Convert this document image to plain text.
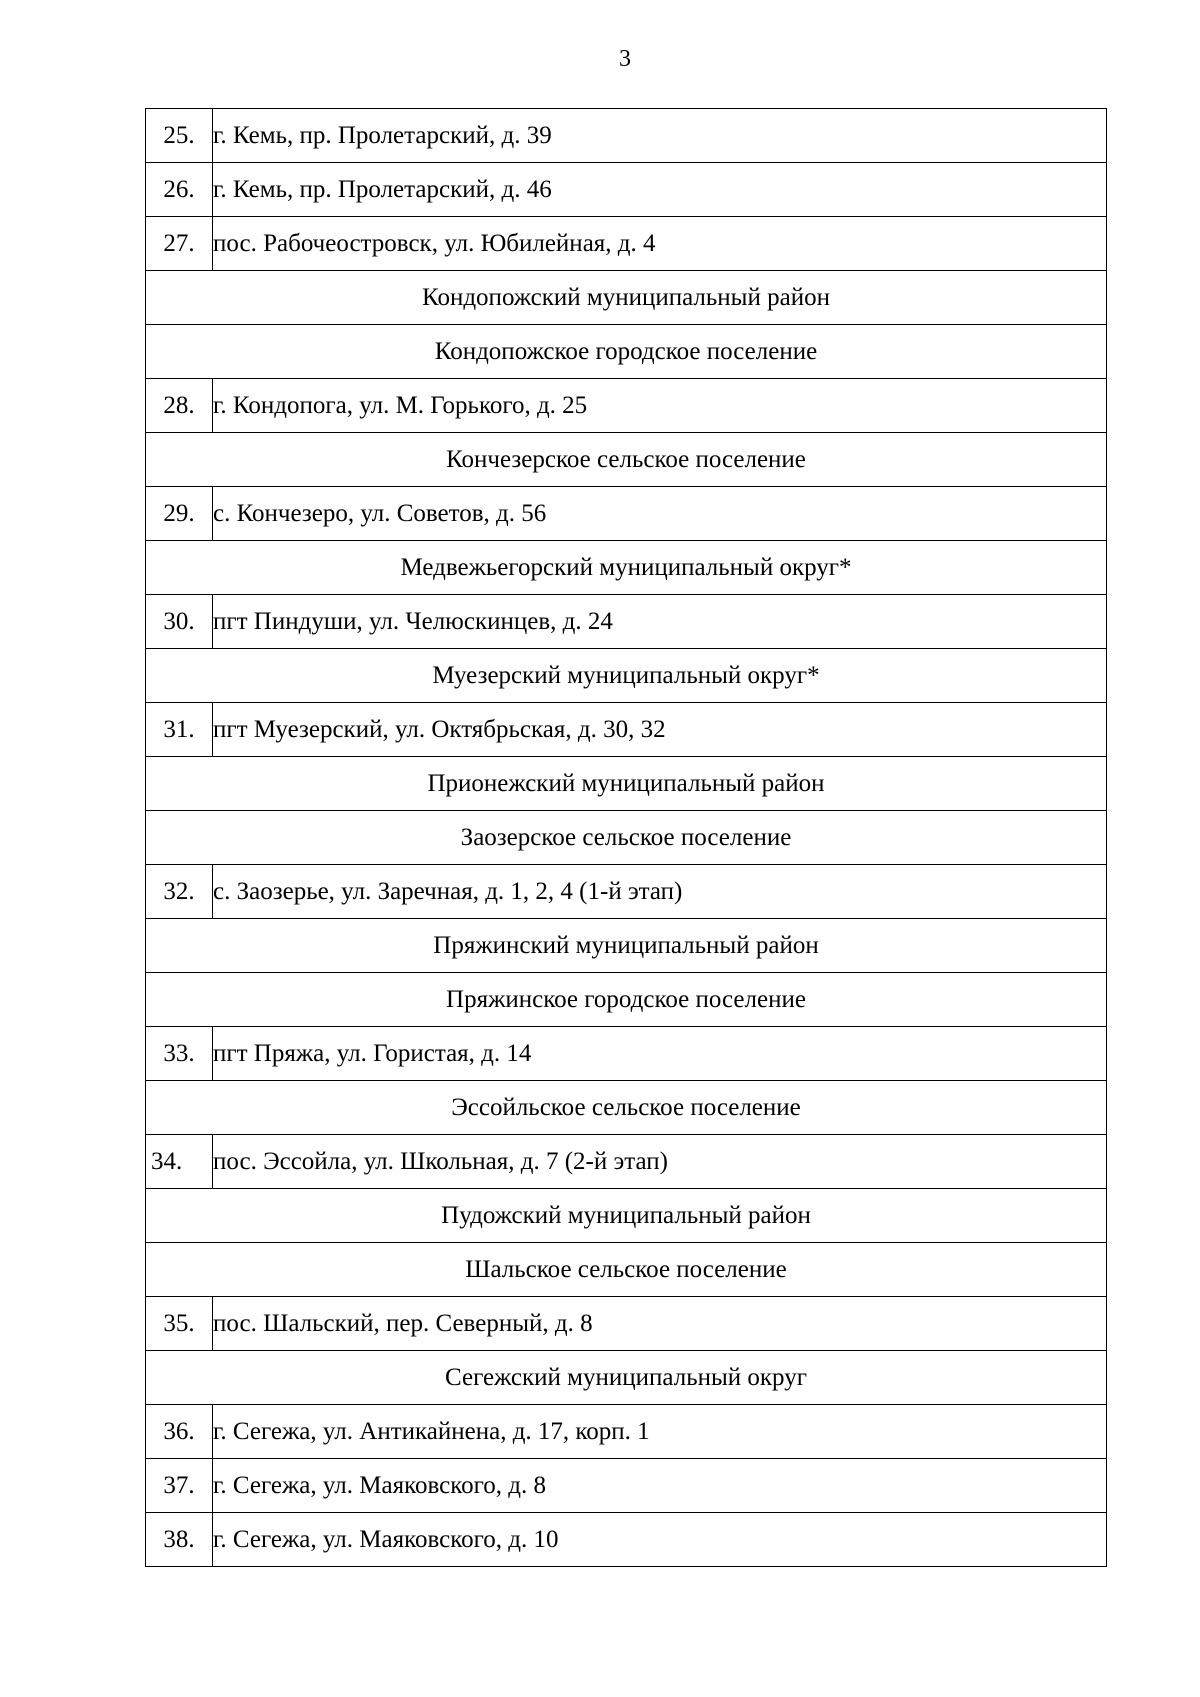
3
25.	г. Кемь, пр. Пролетарский, д. 39
26.	г. Кемь, пр. Пролетарский, д. 46
27.	пос. Рабочеостровск, ул. Юбилейная, д. 4
Кондопожский муниципальный район	
Кондопожское городское поселение	
28.	г. Кондопога, ул. М. Горького, д. 25
Кончезерское сельское поселение	
29.	с. Кончезеро, ул. Советов, д. 56
Медвежьегорский муниципальный округ*	
30.	пгт Пиндуши, ул. Челюскинцев, д. 24
Муезерский муниципальный округ*	
31.	пгт Муезерский, ул. Октябрьская, д. 30, 32
Прионежский муниципальный район	
Заозерское сельское поселение	
32.	с. Заозерье, ул. Заречная, д. 1, 2, 4 (1-й этап)
Пряжинский муниципальный район	
Пряжинское городское поселение	
33.	пгт Пряжа, ул. Гористая, д. 14
Эссойльское сельское поселение	
34.	пос. Эссойла, ул. Школьная, д. 7 (2-й этап)
Пудожский муниципальный район	
Шальское сельское поселение	
35.	пос. Шальский, пер. Северный, д. 8
Сегежский муниципальный округ	
36.	г. Сегежа, ул. Антикайнена, д. 17, корп. 1
37.	г. Сегежа, ул. Маяковского, д. 8
38.	г. Сегежа, ул. Маяковского, д. 10
